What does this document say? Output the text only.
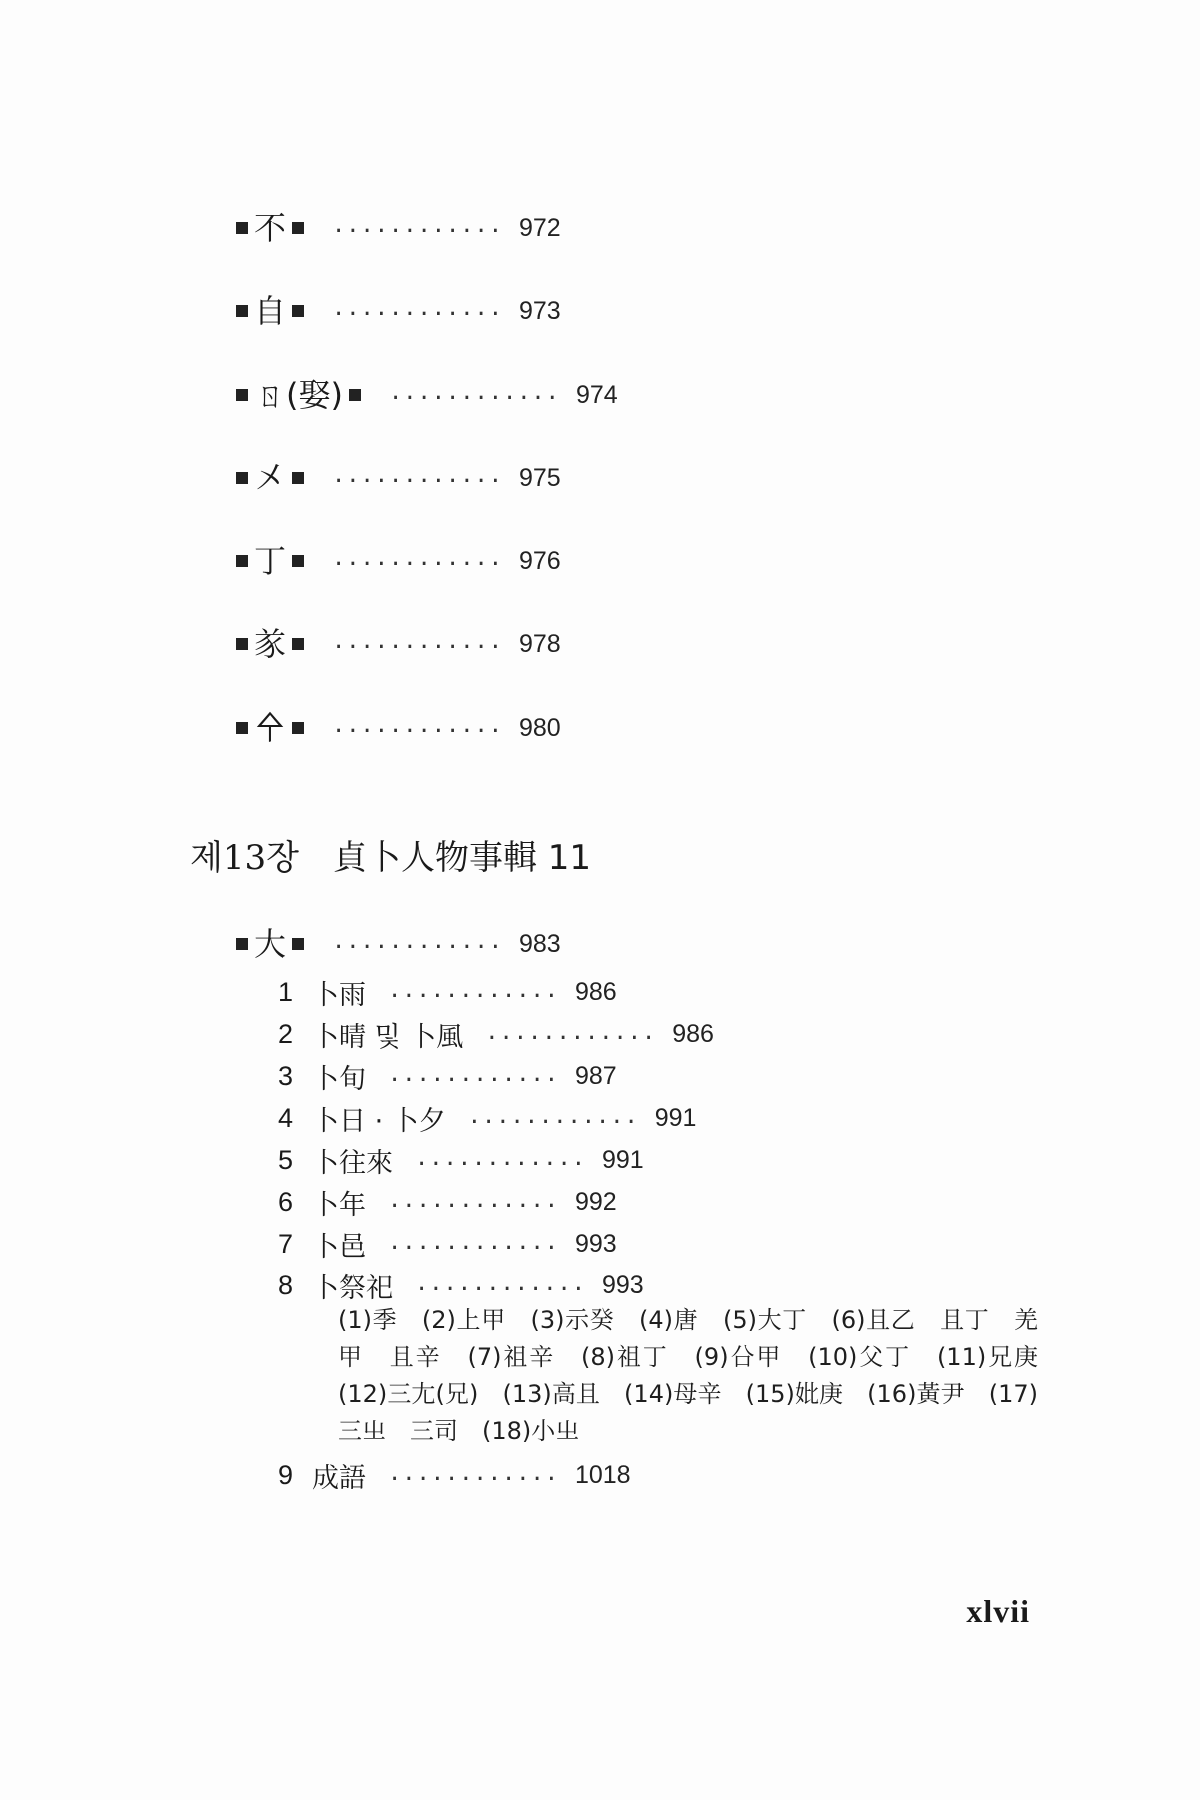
不 ............ 972
自 ............ 973
ㄖ(娶) ............ 974
㐅 ............ 975
丁 ............ 976
㒸 ............ 978
㐃 ............ 980
제13장 貞卜人物事輯 11
大 ............ 983
1 卜雨 ............ 986
2 卜晴 및 卜風 ............ 986
3 卜旬 ............ 987
4 卜日 · 卜夕 ............ 991
5 卜往來 ............ 991
6 卜年 ............ 992
7 卜邑 ............ 993
8 卜祭祀 ............ 993
(1)季　(2)上甲　(3)示癸　(4)唐　(5)大丁　(6)且乙　且丁　羌甲　且辛　(7)祖辛　(8)祖丁　(9)㕣甲　(10)父丁　(11)兄庚　(12)三尢(兄)　(13)高且　(14)母辛　(15)妣庚　(16)黃尹　(17)三㞢　三司　(18)小㞢
9 成語 ............ 1018
xlvii
